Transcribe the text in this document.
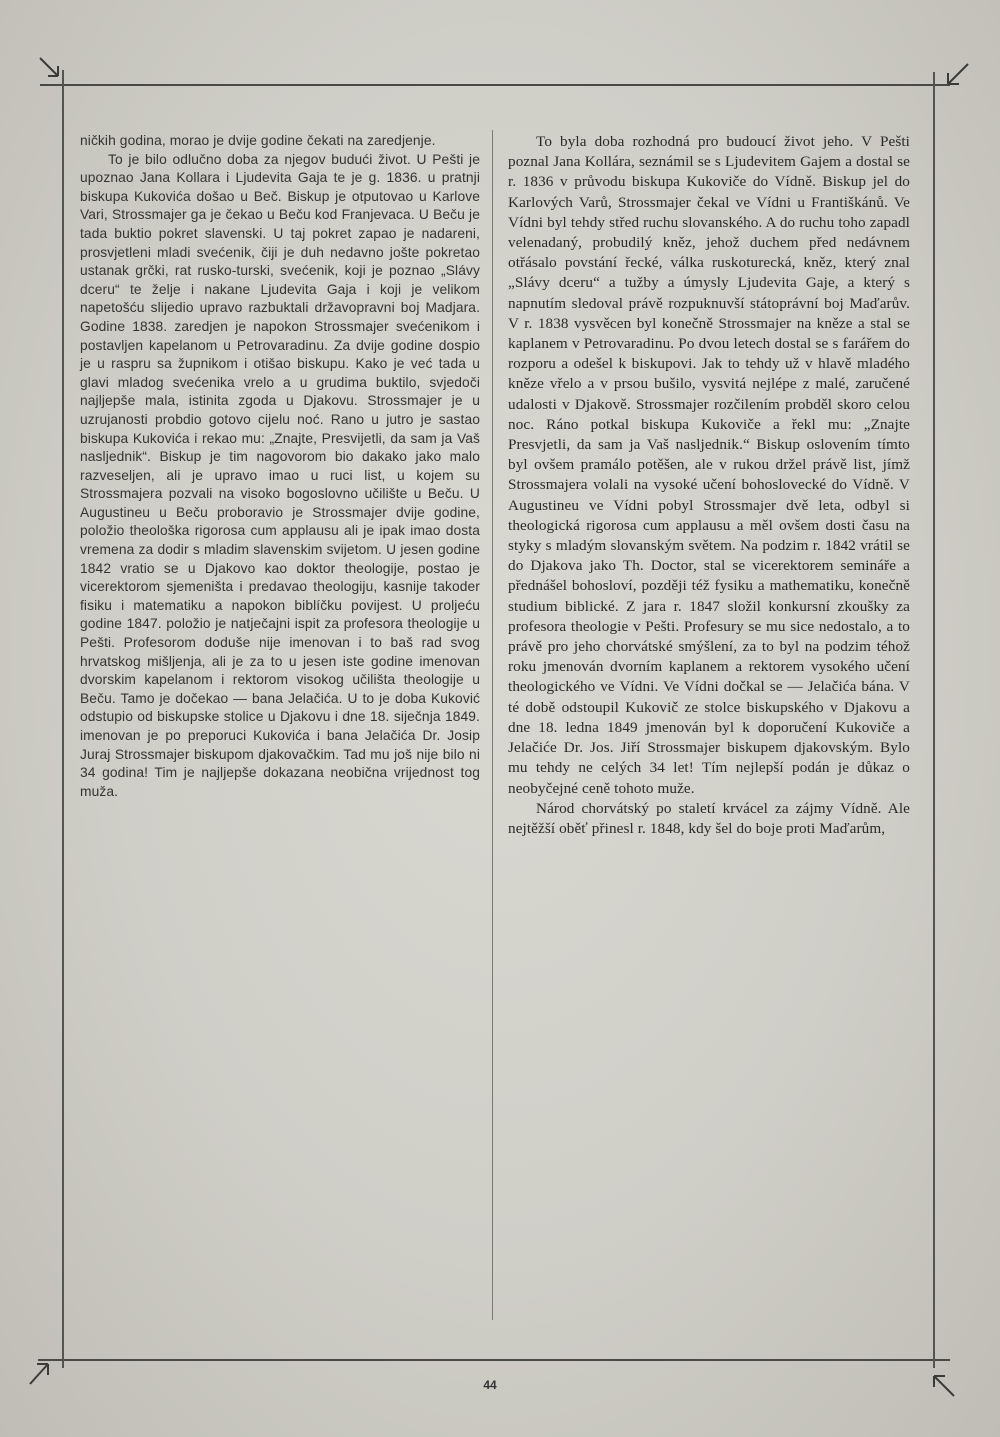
ničkih godina, morao je dvije godine čekati na zaredjenje.

To je bilo odlučno doba za njegov budući život. U Pešti je upoznao Jana Kollara i Ljudevita Gaja te je g. 1836. u pratnji biskupa Kukovića došao u Beč. Biskup je otputovao u Karlove Vari, Strossmajer ga je čekao u Beču kod Franjevaca. U Beču je tada buktio pokret slavenski. U taj pokret zapao je nadareni, prosvjetleni mladi svećenik, čiji je duh nedavno jošte pokretao ustanak grčki, rat rusko-turski, svećenik, koji je poznao „Slávy dceru“ te želje i nakane Ljudevita Gaja i koji je velikom napetošću slijedio upravo razbuktali državopravni boj Madjara. Godine 1838. zaredjen je napokon Strossmajer svećenikom i postavljen kapelanom u Petrovaradinu. Za dvije godine dospio je u raspru sa župnikom i otišao biskupu. Kako je već tada u glavi mladog svećenika vrelo a u grudima buktilo, svjedoči najljepše mala, istinita zgoda u Djakovu. Strossmajer je u uzrujanosti probdio gotovo cijelu noć. Rano u jutro je sastao biskupa Kukovića i rekao mu: „Znajte, Presvijetli, da sam ja Vaš nasljednik“. Biskup je tim nagovorom bio dakako jako malo razveseljen, ali je upravo imao u ruci list, u kojem su Strossmajera pozvali na visoko bogoslovno učilište u Beču. U Augustineu u Beču proboravio je Strossmajer dvije godine, položio theološka rigorosa cum applausu ali je ipak imao dosta vremena za dodir s mladim slavenskim svijetom. U jesen godine 1842 vratio se u Djakovo kao doktor theologije, postao je vicerektorom sjemeništa i predavao theologiju, kasnije takoder fisiku i matematiku a napokon biblíčku povijest. U proljeću godine 1847. položio je natječajni ispit za profesora theologije u Pešti. Profesorom doduše nije imenovan i to baš rad svog hrvatskog mišljenja, ali je za to u jesen iste godine imenovan dvorskim kapelanom i rektorom visokog učilišta theologije u Beču. Tamo je dočekao — bana Jelačića. U to je doba Kuković odstupio od biskupske stolice u Djakovu i dne 18. siječnja 1849. imenovan je po preporuci Kukovića i bana Jelačića Dr. Josip Juraj Strossmajer biskupom djakovačkim. Tad mu još nije bilo ni 34 godina! Tim je najljepše dokazana neobična vrijednost tog muža.

To byla doba rozhodná pro budoucí život jeho. V Pešti poznal Jana Kollára, seznámil se s Ljudevitem Gajem a dostal se r. 1836 v průvodu biskupa Kukoviče do Vídně. Biskup jel do Karlových Varů, Strossmajer čekal ve Vídni u Františkánů. Ve Vídni byl tehdy střed ruchu slovanského. A do ruchu toho zapadl velenadaný, probudilý kněz, jehož duchem před nedávnem otřásalo povstání řecké, válka ruskoturecká, kněz, který znal „Slávy dceru“ a tužby a úmysly Ljudevita Gaje, a který s napnutím sledoval právě rozpuknuvší státoprávní boj Maďarův. V r. 1838 vysvěcen byl konečně Strossmajer na kněze a stal se kaplanem v Petrovaradinu. Po dvou letech dostal se s farářem do rozporu a odešel k biskupovi. Jak to tehdy už v hlavě mladého kněze vřelo a v prsou bušilo, vysvitá nejlépe z malé, zaručené udalosti v Djakově. Strossmajer rozčilením probděl skoro celou noc. Ráno potkal biskupa Kukoviče a řekl mu: „Znajte Presvjetli, da sam ja Vaš nasljednik.“ Biskup oslovením tímto byl ovšem pramálo potěšen, ale v rukou držel právě list, jímž Strossmajera volali na vysoké učení bohoslovecké do Vídně. V Augustineu ve Vídni pobyl Strossmajer dvě leta, odbyl si theologická rigorosa cum applausu a měl ovšem dosti času na styky s mladým slovanským světem. Na podzim r. 1842 vrátil se do Djakova jako Th. Doctor, stal se vicerektorem semináře a přednášel bohosloví, později též fysiku a mathematiku, konečně studium biblické. Z jara r. 1847 složil konkursní zkoušky za profesora theologie v Pešti. Profesury se mu sice nedostalo, a to právě pro jeho chorvátské smýšlení, za to byl na podzim téhož roku jmenován dvorním kaplanem a rektorem vysokého učení theologického ve Vídni. Ve Vídni dočkal se — Jelačića bána. V té době odstoupil Kukovič ze stolce biskupského v Djakovu a dne 18. ledna 1849 jmenován byl k doporučení Kukoviče a Jelačiće Dr. Jos. Jiří Strossmajer biskupem djakovským. Bylo mu tehdy ne celých 34 let! Tím nejlepší podán je důkaz o neobyčejné ceně tohoto muže.

Národ chorvátský po staletí krvácel za zájmy Vídně. Ale nejtěžší oběť přinesl r. 1848, kdy šel do boje proti Maďarům,

44
